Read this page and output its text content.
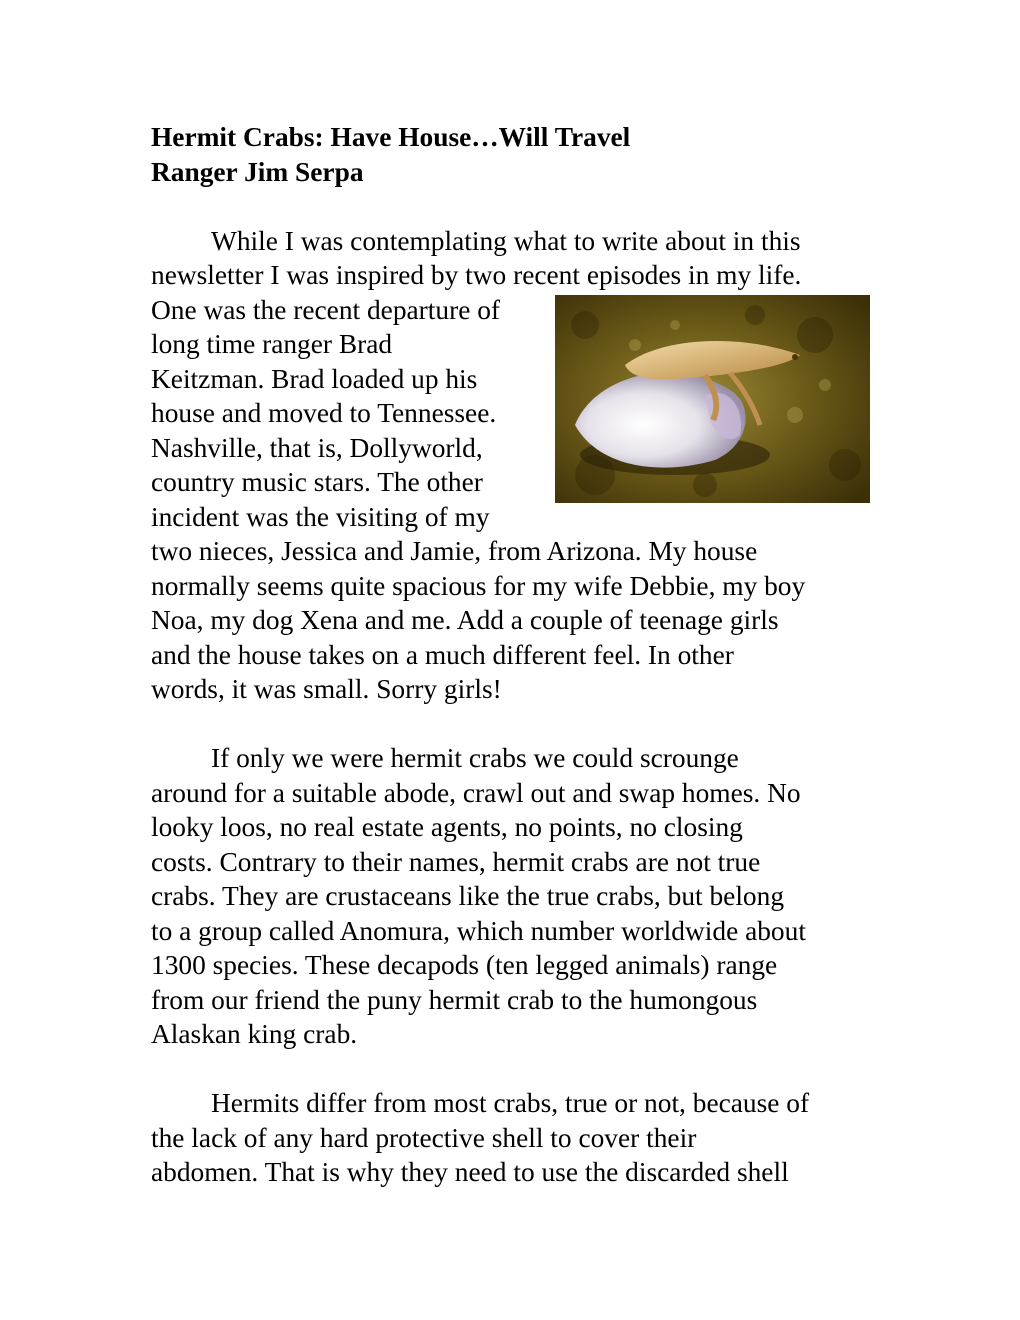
Hermit Crabs: Have House…Will Travel
Ranger Jim Serpa
While I was contemplating what to write about in this
newsletter I was inspired by two recent episodes in my life.
One was the recent departure of
long time ranger Brad
Keitzman. Brad loaded up his
house and moved to Tennessee.
Nashville, that is, Dollyworld,
country music stars. The other
incident was the visiting of my
two nieces, Jessica and Jamie, from Arizona. My house
normally seems quite spacious for my wife Debbie, my boy
Noa, my dog Xena and me. Add a couple of teenage girls
and the house takes on a much different feel. In other
words, it was small. Sorry girls!
If only we were hermit crabs we could scrounge
around for a suitable abode, crawl out and swap homes. No
looky loos, no real estate agents, no points, no closing
costs. Contrary to their names, hermit crabs are not true
crabs. They are crustaceans like the true crabs, but belong
to a group called Anomura, which number worldwide about
1300 species. These decapods (ten legged animals) range
from our friend the puny hermit crab to the humongous
Alaskan king crab.
Hermits differ from most crabs, true or not, because of
the lack of any hard protective shell to cover their
abdomen. That is why they need to use the discarded shell
